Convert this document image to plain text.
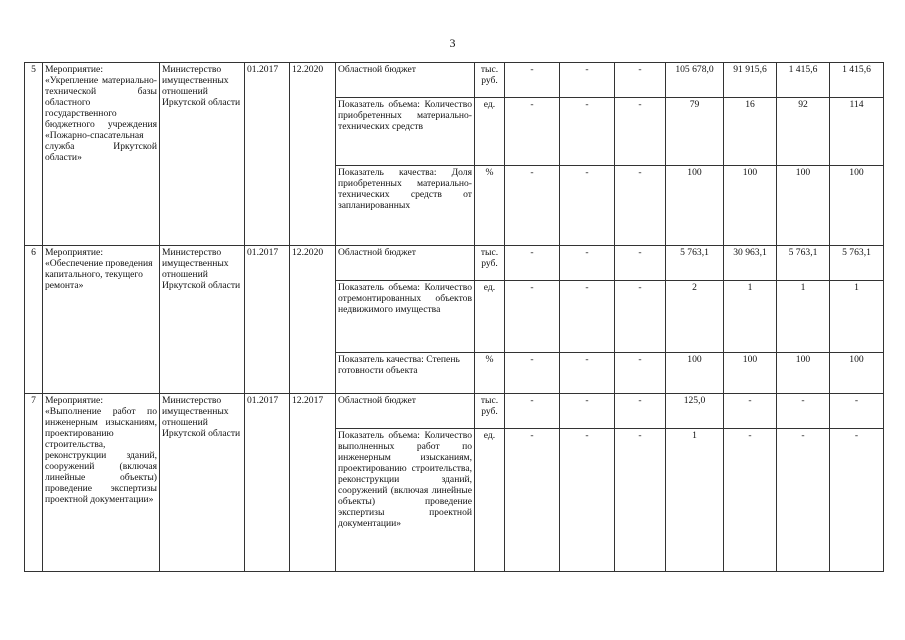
3
5	Мероприятие: «Укрепление материально-технической базы областного государственного бюджетного учреждения «Пожарно-спасательная служба Иркутской области»	Министерство имущественных отношений Иркутской области	01.2017	12.2020	Областной бюджет	тыс. руб.	-	-	-	105 678,0	91 915,6	1 415,6	1 415,6
					Показатель объема: Количество приобретенных материально-технических средств	ед.	-	-	-	79	16	92	114
					Показатель качества: Доля приобретенных материально-технических средств от запланированных	%	-	-	-	100	100	100	100
6	Мероприятие: «Обеспечение проведения капитального, текущего ремонта»	Министерство имущественных отношений Иркутской области	01.2017	12.2020	Областной бюджет	тыс. руб.	-	-	-	5 763,1	30 963,1	5 763,1	5 763,1
					Показатель объема: Количество отремонтированных объектов недвижимого имущества	ед.	-	-	-	2	1	1	1
					Показатель качества: Степень готовности объекта	%	-	-	-	100	100	100	100
7	Мероприятие: «Выполнение работ по инженерным изысканиям, проектированию строительства, реконструкции зданий, сооружений (включая линейные объекты) проведение экспертизы проектной документации»	Министерство имущественных отношений Иркутской области	01.2017	12.2017	Областной бюджет	тыс. руб.	-	-	-	125,0	-	-	-
					Показатель объема: Количество выполненных работ по инженерным изысканиям, проектированию строительства, реконструкции зданий, сооружений (включая линейные объекты) проведение экспертизы проектной документации»	ед.	-	-	-	1	-	-	-
